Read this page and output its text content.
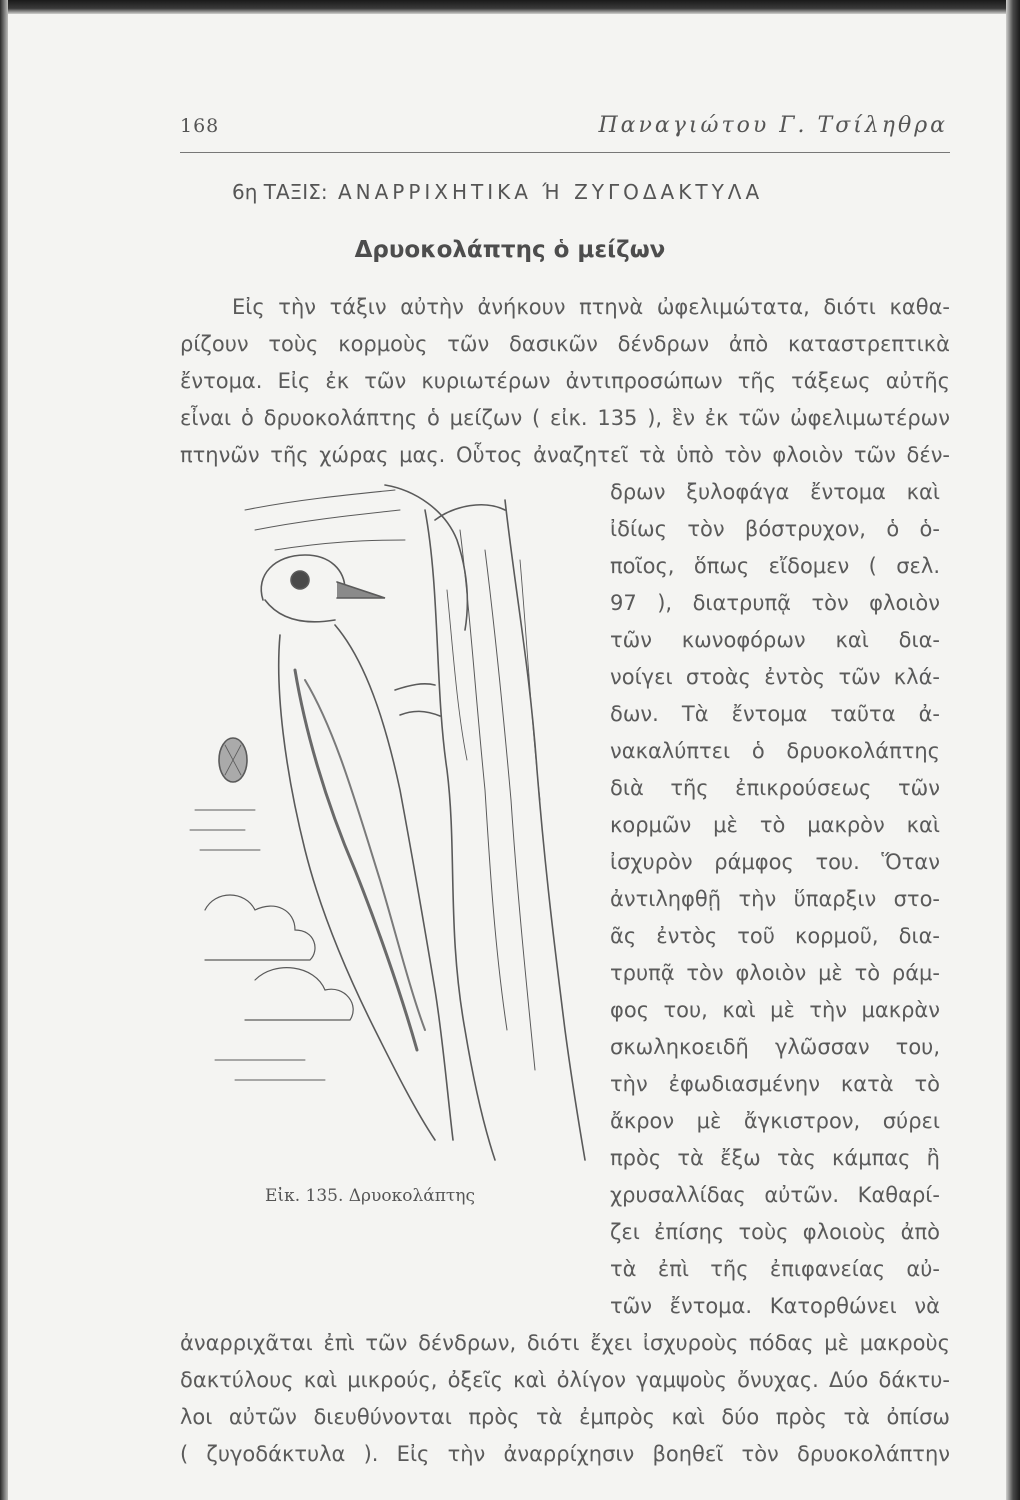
168	Παναγιώτου Γ. Τσίληθρα
6η ΤΑΞΙΣ: ΑΝΑΡΡΙΧΗΤΙΚΑ Ή ΖΥΓΟΔΑΚΤΥΛΑ
Δρυοκολάπτης ὁ μείζων
Εἰς τὴν τάξιν αὐτὴν ἀνήκουν πτηνὰ ὠφελιμώτατα, διότι καθα-
ρίζουν τοὺς κορμοὺς τῶν δασικῶν δένδρων ἀπὸ καταστρεπτικὰ
ἔντομα. Εἰς ἐκ τῶν κυριωτέρων ἀντιπροσώπων τῆς τάξεως αὐτῆς
εἶναι ὁ δρυοκολάπτης ὁ μείζων ( εἰκ. 135 ), ἓν ἐκ τῶν ὠφελιμωτέρων
πτηνῶν τῆς χώρας μας. Οὗτος ἀναζητεῖ τὰ ὑπὸ τὸν φλοιὸν τῶν δέν-
δρων ξυλοφάγα ἔντομα καὶ
ἰδίως τὸν βόστρυχον, ὁ ὁ-
ποῖος, ὅπως εἴδομεν ( σελ.
97 ), διατρυπᾷ τὸν φλοιὸν
τῶν κωνοφόρων καὶ δια-
νοίγει στοὰς ἐντὸς τῶν κλά-
δων. Τὰ ἔντομα ταῦτα ἀ-
νακαλύπτει ὁ δρυοκολάπτης
διὰ τῆς ἐπικρούσεως τῶν
κορμῶν μὲ τὸ μακρὸν καὶ
ἰσχυρὸν ράμφος του. Ὅταν
ἀντιληφθῇ τὴν ὕπαρξιν στο-
ᾶς ἐντὸς τοῦ κορμοῦ, δια-
τρυπᾷ τὸν φλοιὸν μὲ τὸ ράμ-
φος του, καὶ μὲ τὴν μακρὰν
σκωληκοειδῆ γλῶσσαν του,
τὴν ἐφωδιασμένην κατὰ τὸ
ἄκρον μὲ ἄγκιστρον, σύρει
πρὸς τὰ ἔξω τὰς κάμπας ἢ
χρυσαλλίδας αὐτῶν. Καθαρί-
ζει ἐπίσης τοὺς φλοιοὺς ἀπὸ
τὰ ἐπὶ τῆς ἐπιφανείας αὐ-
τῶν ἔντομα. Κατορθώνει νὰ
ἀναρριχᾶται ἐπὶ τῶν δένδρων, διότι ἔχει ἰσχυροὺς πόδας μὲ μακροὺς
δακτύλους καὶ μικρούς, ὀξεῖς καὶ ὀλίγον γαμψοὺς ὄνυχας. Δύο δάκτυ-
λοι αὐτῶν διευθύνονται πρὸς τὰ ἐμπρὸς καὶ δύο πρὸς τὰ ὀπίσω
( ζυγοδάκτυλα ). Εἰς τὴν ἀναρρίχησιν βοηθεῖ τὸν δρυοκολάπτην
Εἰκ. 135. Δρυοκολάπτης
